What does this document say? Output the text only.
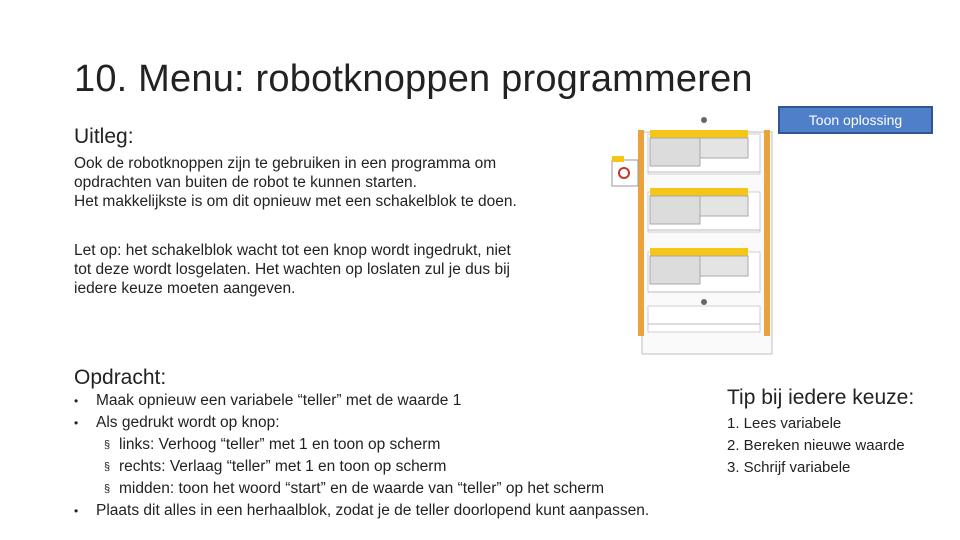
10. Menu: robotknoppen programmeren
Toon oplossing
Uitleg:
Ook de robotknoppen zijn te gebruiken in een programma om
opdrachten van buiten de robot te kunnen starten.
Het makkelijkste is om dit opnieuw met een schakelblok te doen.
Let op: het schakelblok wacht tot een knop wordt ingedrukt, niet
tot deze wordt losgelaten. Het wachten op loslaten zul je dus bij
iedere keuze moeten aangeven.
Opdracht:
• Maak opnieuw een variabele “teller” met de waarde 1
• Als gedrukt wordt op knop:
§ links: Verhoog “teller” met 1 en toon op scherm
§ rechts: Verlaag “teller” met 1 en toon op scherm
§ midden: toon het woord “start” en de waarde van “teller” op het scherm
• Plaats dit alles in een herhaalblok, zodat je de teller doorlopend kunt aanpassen.
Tip bij iedere keuze:
1. Lees variabele
2. Bereken nieuwe waarde
3. Schrijf variabele
